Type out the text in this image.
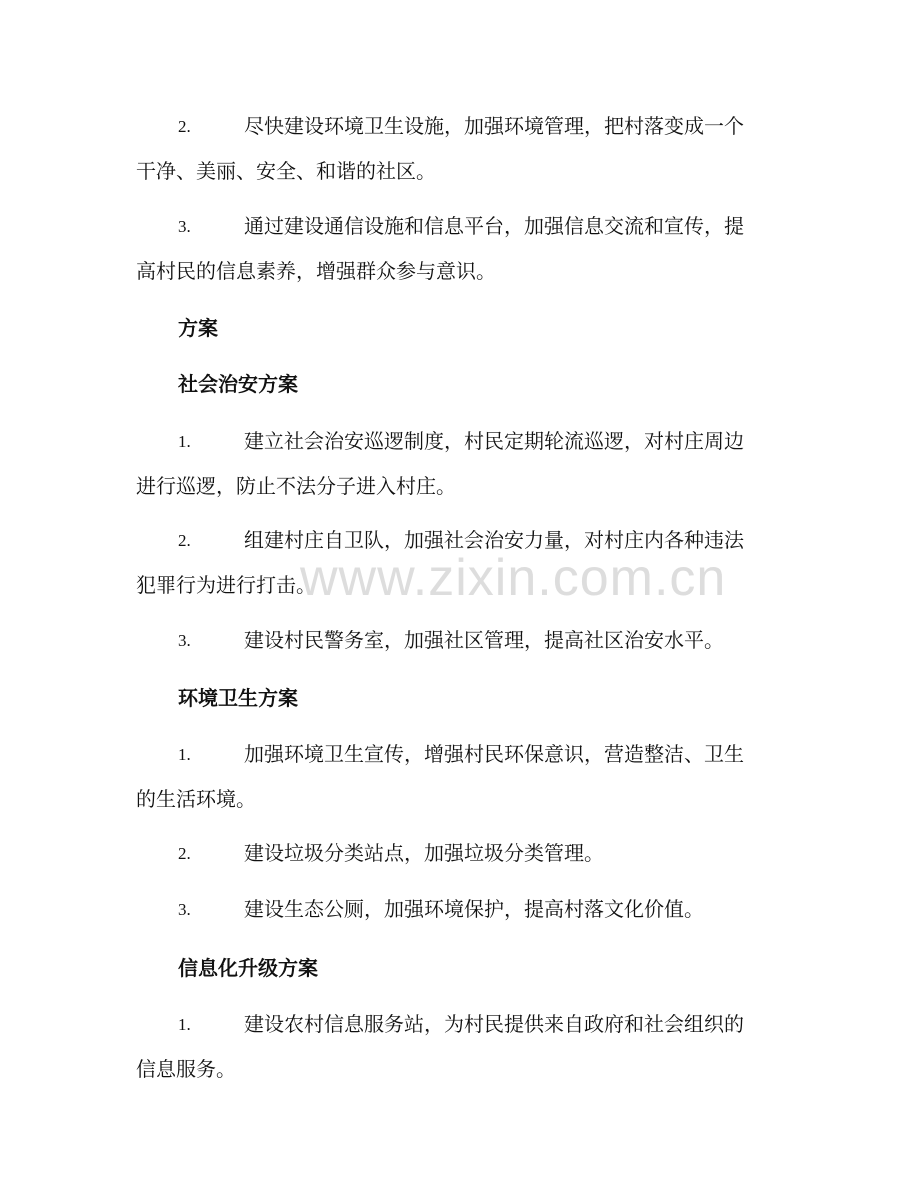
2.	尽快建设环境卫生设施，加强环境管理，把村落变成一个
干净、美丽、安全、和谐的社区。
3.	通过建设通信设施和信息平台，加强信息交流和宣传，提
高村民的信息素养，增强群众参与意识。
方案
社会治安方案
1.	建立社会治安巡逻制度，村民定期轮流巡逻，对村庄周边
进行巡逻，防止不法分子进入村庄。
2.	组建村庄自卫队，加强社会治安力量，对村庄内各种违法
犯罪行为进行打击。
3.	建设村民警务室，加强社区管理，提高社区治安水平。
环境卫生方案
1.	加强环境卫生宣传，增强村民环保意识，营造整洁、卫生
的生活环境。
2.	建设垃圾分类站点，加强垃圾分类管理。
3.	建设生态公厕，加强环境保护，提高村落文化价值。
信息化升级方案
1.	建设农村信息服务站，为村民提供来自政府和社会组织的
信息服务。
www.zixin.com.cn
